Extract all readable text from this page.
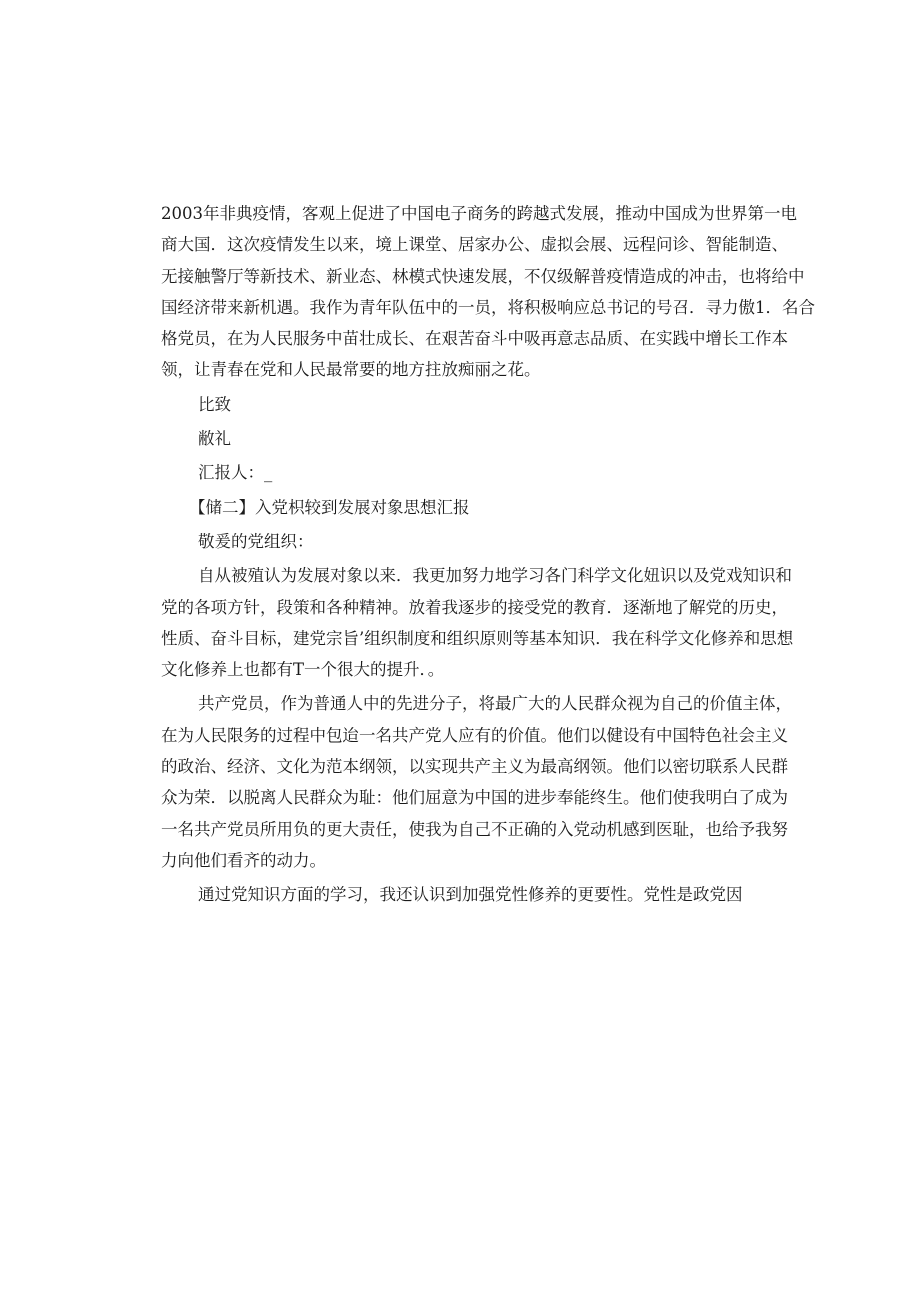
2003年非典疫情，客观上促进了中国电子商务的跨越式发展，推动中国成为世界第一电
商大国．这次疫情发生以来，境上课堂、居家办公、虚拟会展、远程问诊、智能制造、
无接触警厅等新技术、新业态、林模式快速发展，不仅级解普疫情造成的冲击，也将给中
国经济带来新机遇。我作为青年队伍中的一员，将积极响应总书记的号召．寻力傲1．名合
格党员，在为人民服务中苗壮成长、在艰苦奋斗中吸再意志品质、在实践中增长工作本
领，让青春在党和人民最常要的地方拄放痴丽之花。
比致
敝礼
汇报人：_
【储二】入党枳较到发展对象思想汇报
敬爰的党组织：
自从被殖认为发展对象以来．我更加努力地学习各门科学文化妞识以及党戏知识和
党的各项方针，段策和各种精神。放着我逐步的接受党的教育．逐渐地了解党的历史，
性质、奋斗目标，建党宗旨’组织制度和组织原则等基本知识．我在科学文化修养和思想
文化修养上也都有T一个很大的提升．。
共产党员，作为普通人中的先进分子，将最广大的人民群众视为自己的价值主体，
在为人民限务的过程中包迨一名共产党人应有的价值。他们以健设有中国特色社会主义
的政治、经济、文化为范本纲领，以实现共产主义为最高纲领。他们以密切联系人民群
众为荣．以脱离人民群众为耻：他们屈意为中国的进步奉能终生。他们使我明白了成为
一名共产党员所用负的更大责任，使我为自己不正确的入党动机感到医耻，也给予我努
力向他们看齐的动力。
通过党知识方面的学习，我还认识到加强党性修养的更要性。党性是政党因
